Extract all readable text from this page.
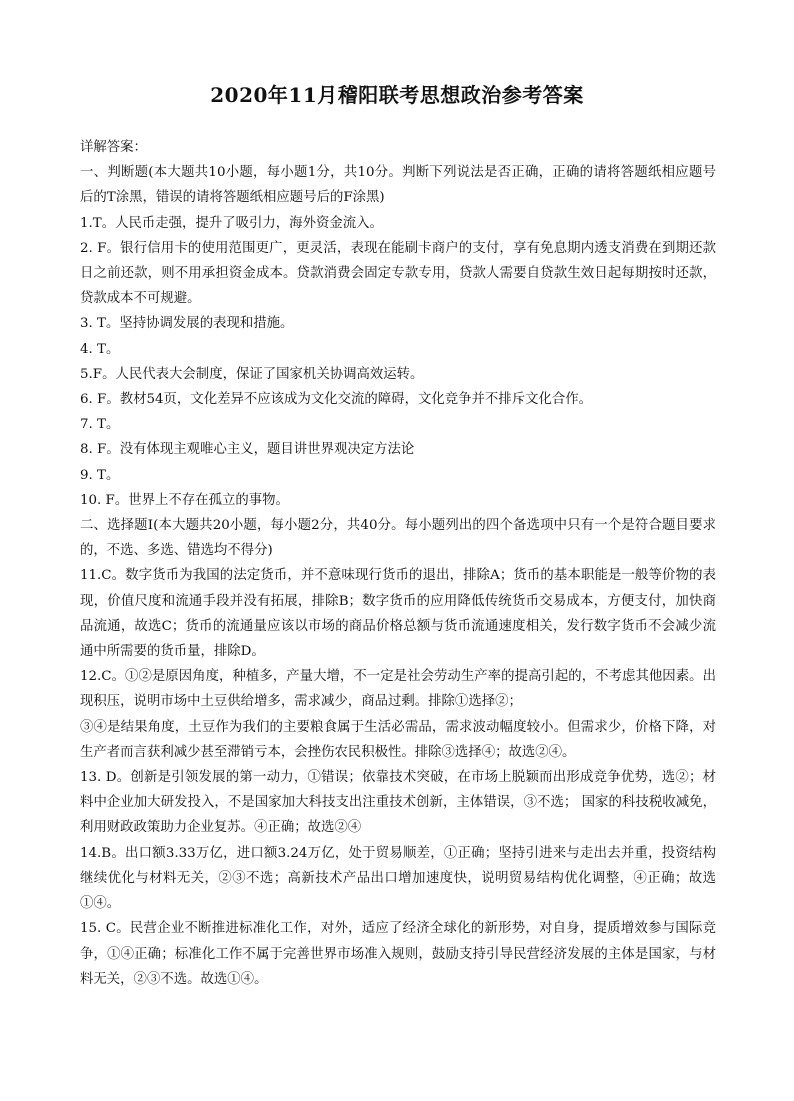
2020年11月稽阳联考思想政治参考答案

详解答案：

一、判断题(本大题共10小题，每小题1分，共10分。判断下列说法是否正确，正确的请将答题纸相应题号后的T涂黑，错误的请将答题纸相应题号后的F涂黑)

1.T。人民币走强，提升了吸引力，海外资金流入。

2. F。银行信用卡的使用范围更广，更灵活，表现在能刷卡商户的支付，享有免息期内透支消费在到期还款日之前还款，则不用承担资金成本。贷款消费会固定专款专用，贷款人需要自贷款生效日起每期按时还款，贷款成本不可规避。

3. T。坚持协调发展的表现和措施。

4. T。

5.F。人民代表大会制度，保证了国家机关协调高效运转。

6. F。教材54页，文化差异不应该成为文化交流的障碍，文化竞争并不排斥文化合作。

7. T。

8. F。没有体现主观唯心主义，题目讲世界观决定方法论

9. T。

10. F。世界上不存在孤立的事物。

二、选择题Ⅰ(本大题共20小题，每小题2分，共40分。每小题列出的四个备选项中只有一个是符合题目要求的，不选、多选、错选均不得分)

11.C。数字货币为我国的法定货币，并不意味现行货币的退出，排除A；货币的基本职能是一般等价物的表现，价值尺度和流通手段并没有拓展，排除B；数字货币的应用降低传统货币交易成本，方便支付，加快商品流通，故选C；货币的流通量应该以市场的商品价格总额与货币流通速度相关，发行数字货币不会减少流通中所需要的货币量，排除D。

12.C。①②是原因角度，种植多，产量大增，不一定是社会劳动生产率的提高引起的，不考虑其他因素。出现积压，说明市场中土豆供给增多，需求减少，商品过剩。排除①选择②；

③④是结果角度，土豆作为我们的主要粮食属于生活必需品，需求波动幅度较小。但需求少，价格下降，对生产者而言获利减少甚至滞销亏本，会挫伤农民积极性。排除③选择④；故选②④。

13. D。创新是引领发展的第一动力，①错误；依靠技术突破，在市场上脱颖而出形成竞争优势，选②；材料中企业加大研发投入，不是国家加大科技支出注重技术创新，主体错误，③不选； 国家的科技税收减免，利用财政政策助力企业复苏。④正确；故选②④

14.B。出口额3.33万亿，进口额3.24万亿，处于贸易顺差，①正确；坚持引进来与走出去并重，投资结构继续优化与材料无关，②③不选；高新技术产品出口增加速度快，说明贸易结构优化调整，④正确；故选①④。

15. C。民营企业不断推进标准化工作，对外，适应了经济全球化的新形势，对自身，提质增效参与国际竞争，①④正确；标准化工作不属于完善世界市场准入规则，鼓励支持引导民营经济发展的主体是国家，与材料无关，②③不选。故选①④。
